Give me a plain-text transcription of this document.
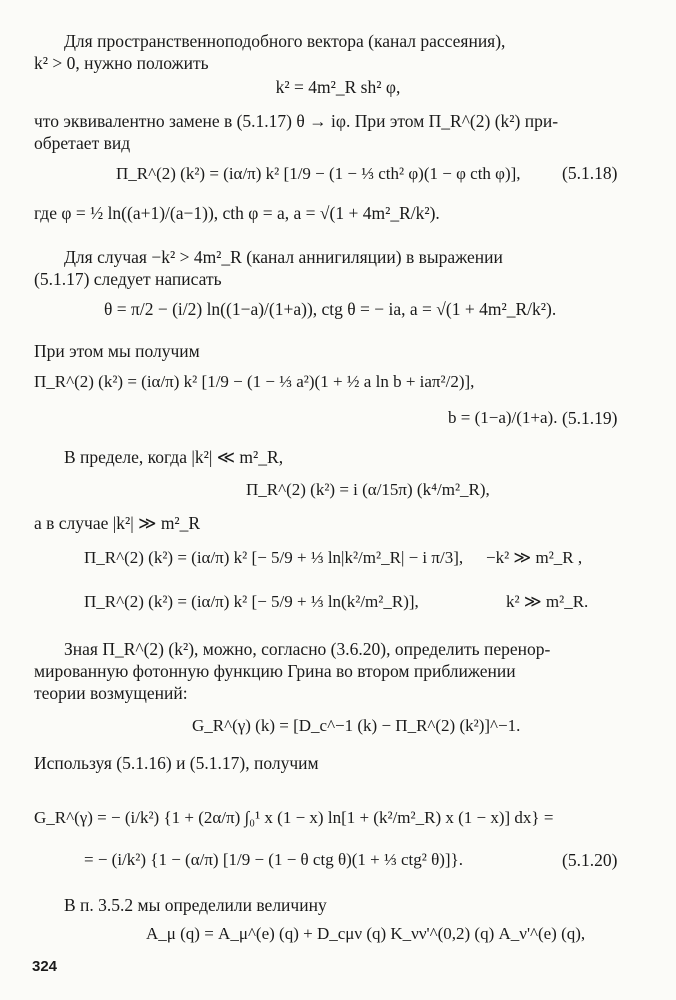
Для пространственноподобного вектора (канал рассеяния),
k² > 0, нужно положить
k² = 4m²_R sh² φ,
что эквивалентно замене в (5.1.17) θ → iφ. При этом Π_R^(2) (k²) при-
обретает вид
Π_R^(2) (k²) = (iα/π) k² [1/9 − (1 − ⅓ cth² φ)(1 − φ cth φ)], (5.1.18)
где φ = ½ ln((a+1)/(a−1)), cth φ = a, a = √(1 + 4m²_R/k²).
Для случая −k² > 4m²_R (канал аннигиляции) в выражении
(5.1.17) следует написать
θ = π/2 − (i/2) ln((1−a)/(1+a)), ctg θ = − ia, a = √(1 + 4m²_R/k²).
При этом мы получим
Π_R^(2) (k²) = (iα/π) k² [1/9 − (1 − ⅓ a²)(1 + ½ a ln b + iaπ²/2)],
b = (1−a)/(1+a). (5.1.19)
В пределе, когда |k²| ≪ m²_R,
Π_R^(2) (k²) = i (α/15π) (k⁴/m²_R),
а в случае |k²| ≫ m²_R
Π_R^(2) (k²) = (iα/π) k² [− 5/9 + ⅓ ln|k²/m²_R| − i π/3], −k² ≫ m²_R ,
Π_R^(2) (k²) = (iα/π) k² [− 5/9 + ⅓ ln(k²/m²_R)],	k² ≫ m²_R.
Зная Π_R^(2) (k²), можно, согласно (3.6.20), определить перенор-
мированную фотонную функцию Грина во втором приближении
теории возмущений:
G_R^(γ) (k) = [D_c^−1 (k) − Π_R^(2) (k²)]^−1.
Используя (5.1.16) и (5.1.17), получим
G_R^(γ) = − (i/k²) {1 + (2α/π) ∫₀¹ x (1 − x) ln[1 + (k²/m²_R) x (1 − x)] dx} =
= − (i/k²) {1 − (α/π) [1/9 − (1 − θ ctg θ)(1 + ⅓ ctg² θ)]}.	(5.1.20)
В п. 3.5.2 мы определили величину
A_μ (q) = A_μ^(e) (q) + D_cμν (q) K_νν'^(0,2) (q) A_ν'^(e) (q),
324
